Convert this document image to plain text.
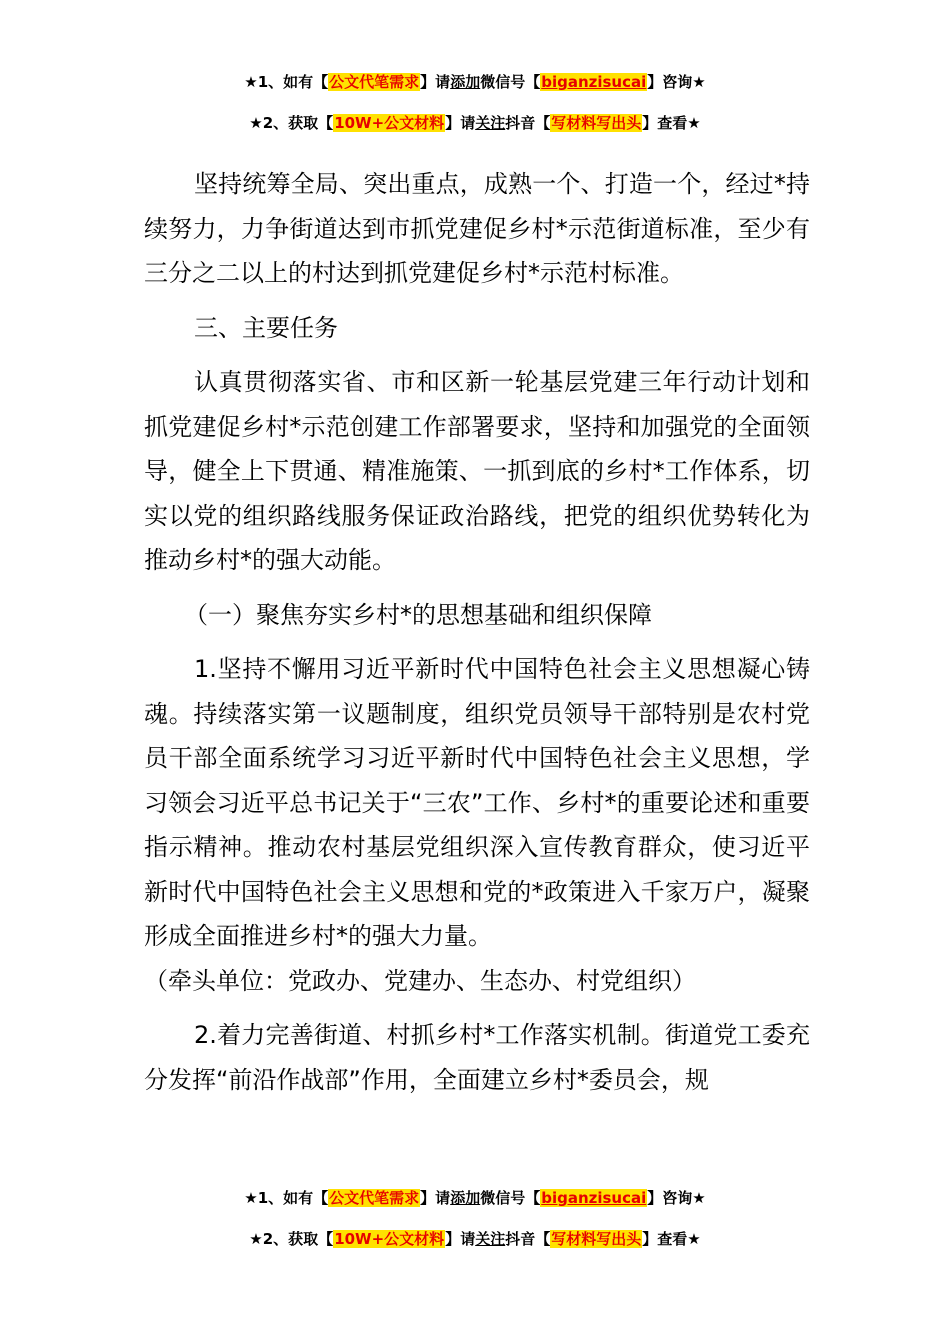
★1、如有【公文代笔需求】请添加微信号【biganzisucai】咨询★
★2、获取【10W+公文材料】请关注抖音【写材料写出头】查看★

坚持统筹全局、突出重点，成熟一个、打造一个，经过*持续努力，力争街道达到市抓党建促乡村*示范街道标准，至少有三分之二以上的村达到抓党建促乡村*示范村标准。

三、主要任务

认真贯彻落实省、市和区新一轮基层党建三年行动计划和抓党建促乡村*示范创建工作部署要求，坚持和加强党的全面领导，健全上下贯通、精准施策、一抓到底的乡村*工作体系，切实以党的组织路线服务保证政治路线，把党的组织优势转化为推动乡村*的强大动能。

（一）聚焦夯实乡村*的思想基础和组织保障

1.坚持不懈用习近平新时代中国特色社会主义思想凝心铸魂。持续落实第一议题制度，组织党员领导干部特别是农村党员干部全面系统学习习近平新时代中国特色社会主义思想，学习领会习近平总书记关于“三农”工作、乡村*的重要论述和重要指示精神。推动农村基层党组织深入宣传教育群众，使习近平新时代中国特色社会主义思想和党的*政策进入千家万户，凝聚形成全面推进乡村*的强大力量。

（牵头单位：党政办、党建办、生态办、村党组织）

2.着力完善街道、村抓乡村*工作落实机制。街道党工委充分发挥“前沿作战部”作用，全面建立乡村*委员会，规

★1、如有【公文代笔需求】请添加微信号【biganzisucai】咨询★
★2、获取【10W+公文材料】请关注抖音【写材料写出头】查看★
